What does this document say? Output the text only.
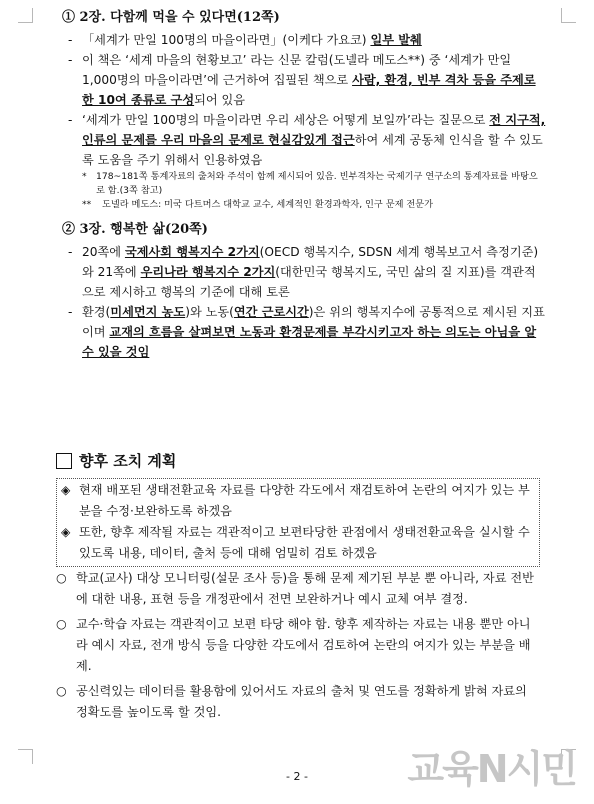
① 2장. 다함께 먹을 수 있다면(12쪽)
- 「세계가 만일 100명의 마을이라면」(이케다 가요코) 일부 발췌
- 이 책은 ‘세계 마을의 현황보고’ 라는 신문 칼럼(도넬라 메도스**) 중 ‘세계가 만일 1,000명의 마을이라면’에 근거하여 집필된 책으로 사람, 환경, 빈부 격차 등을 주제로 한 10여 종류로 구성되어 있음
- ‘세계가 만일 100명의 마을이라면 우리 세상은 어떻게 보일까’라는 질문으로 전 지구적, 인류의 문제를 우리 마을의 문제로 현실감있게 접근하여 세계 공동체 인식을 할 수 있도록 도움을 주기 위해서 인용하였음
* 178~181쪽 통계자료의 출처와 주석이 함께 제시되어 있음. 빈부격차는 국제기구 연구소의 통계자료를 바탕으로 함.(3쪽 참고)
** 도넬라 메도스: 미국 다트머스 대학교 교수, 세계적인 환경과학자, 인구 문제 전문가
② 3장. 행복한 삶(20쪽)
- 20쪽에 국제사회 행복지수 2가지(OECD 행복지수, SDSN 세계 행복보고서 측정기준)와 21쪽에 우리나라 행복지수 2가지(대한민국 행복지도, 국민 삶의 질 지표)를 객관적으로 제시하고 행복의 기준에 대해 토론
- 환경(미세먼지 농도)와 노동(연간 근로시간)은 위의 행복지수에 공통적으로 제시된 지표이며 교재의 흐름을 살펴보면 노동과 환경문제를 부각시키고자 하는 의도는 아님을 알 수 있을 것임
향후 조치 계획
◈ 현재 배포된 생태전환교육 자료를 다양한 각도에서 재검토하여 논란의 여지가 있는 부분을 수정·보완하도록 하겠음
◈ 또한, 향후 제작될 자료는 객관적이고 보편타당한 관점에서 생태전환교육을 실시할 수 있도록 내용, 데이터, 출처 등에 대해 엄밀히 검토 하겠음
○ 학교(교사) 대상 모니터링(설문 조사 등)을 통해 문제 제기된 부분 뿐 아니라, 자료 전반에 대한 내용, 표현 등을 개정판에서 전면 보완하거나 예시 교체 여부 결정.
○ 교수·학습 자료는 객관적이고 보편 타당 해야 함. 향후 제작하는 자료는 내용 뿐만 아니라 예시 자료, 전개 방식 등을 다양한 각도에서 검토하여 논란의 여지가 있는 부분을 배제.
○ 공신력있는 데이터를 활용함에 있어서도 자료의 출처 및 연도를 정확하게 밝혀 자료의 정확도를 높이도록 할 것임.
교육N시민
- 2 -
